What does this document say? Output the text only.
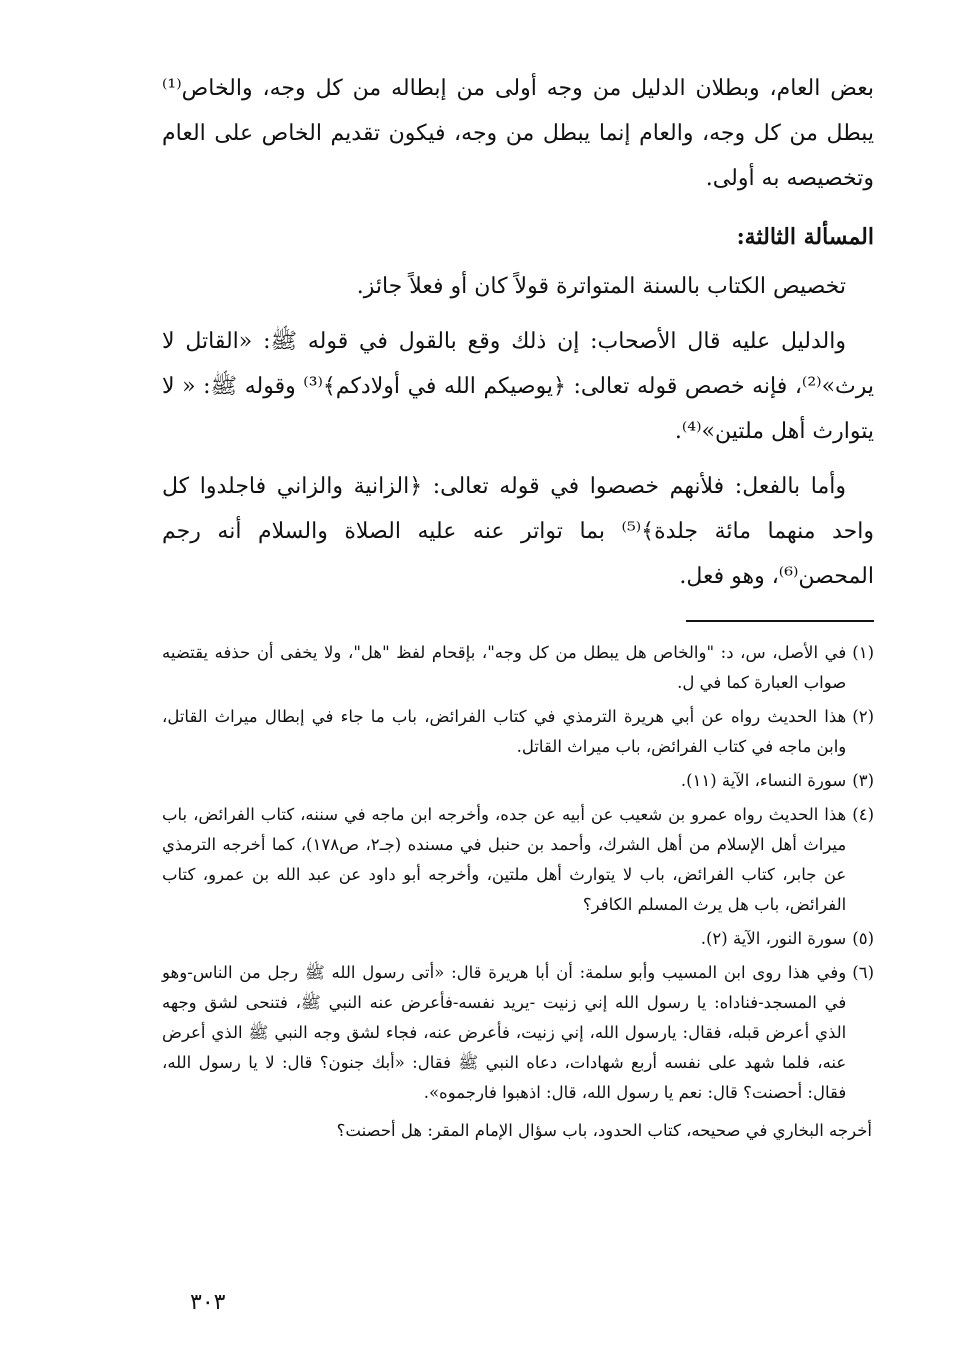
بعض العام، وبطلان الدليل من وجه أولى من إبطاله من كل وجه، والخاص⁽¹⁾ يبطل من كل وجه، والعام إنما يبطل من وجه، فيكون تقديم الخاص على العام وتخصيصه به أولى.

المسألة الثالثة:

تخصيص الكتاب بالسنة المتواترة قولاً كان أو فعلاً جائز.

والدليل عليه قال الأصحاب: إن ذلك وقع بالقول في قوله ﷺ: «القاتل لا يرث»⁽²⁾، فإنه خصص قوله تعالى: ﴿يوصيكم الله في أولادكم﴾⁽³⁾ وقوله ﷺ: « لا يتوارث أهل ملتين»⁽⁴⁾.

وأما بالفعل: فلأنهم خصصوا في قوله تعالى: ﴿الزانية والزاني فاجلدوا كل واحد منهما مائة جلدة﴾⁽⁵⁾ بما تواتر عنه عليه الصلاة والسلام أنه رجم المحصن⁽⁶⁾، وهو فعل.

(١)
في الأصل، س، د: "والخاص هل يبطل من كل وجه"، بإقحام لفظ "هل"، ولا يخفى أن حذفه يقتضيه صواب العبارة كما في ل.
(٢)
هذا الحديث رواه عن أبي هريرة الترمذي في كتاب الفرائض، باب ما جاء في إبطال ميراث القاتل، وابن ماجه في كتاب الفرائض، باب ميراث القاتل.
(٣)
سورة النساء، الآية (١١).
(٤)
هذا الحديث رواه عمرو بن شعيب عن أبيه عن جده، وأخرجه ابن ماجه في سننه، كتاب الفرائض، باب ميراث أهل الإسلام من أهل الشرك، وأحمد بن حنبل في مسنده (جـ٢، ص١٧٨)، كما أخرجه الترمذي عن جابر، كتاب الفرائض، باب لا يتوارث أهل ملتين، وأخرجه أبو داود عن عبد الله بن عمرو، كتاب الفرائض، باب هل يرث المسلم الكافر؟
(٥)
سورة النور، الآية (٢).
(٦)
وفي هذا روى ابن المسيب وأبو سلمة: أن أبا هريرة قال: «أتى رسول الله ﷺ رجل من الناس-وهو في المسجد-فناداه: يا رسول الله إني زنيت -يريد نفسه-فأعرض عنه النبي ﷺ، فتنحى لشق وجهه الذي أعرض قبله، فقال: يارسول الله، إني زنيت، فأعرض عنه، فجاء لشق وجه النبي ﷺ الذي أعرض عنه، فلما شهد على نفسه أربع شهادات، دعاه النبي ﷺ فقال: «أبك جنون؟ قال: لا يا رسول الله، فقال: أحصنت؟ قال: نعم يا رسول الله، قال: اذهبوا فارجموه».

أخرجه البخاري في صحيحه، كتاب الحدود، باب سؤال الإمام المقر: هل أحصنت؟

٣٠٣
